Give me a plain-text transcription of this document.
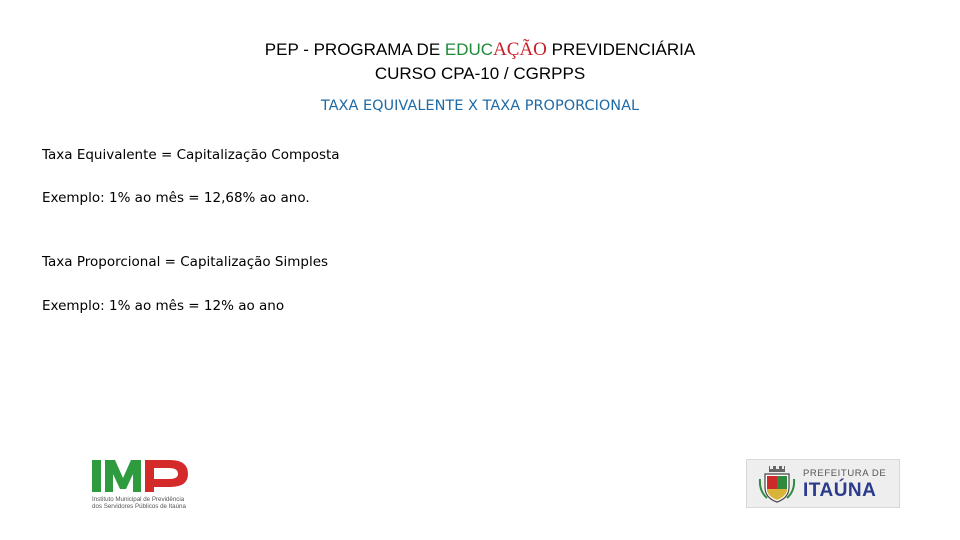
PEP - PROGRAMA DE EDUCAÇÃO PREVIDENCIÁRIA
CURSO CPA-10 / CGRPPS
TAXA EQUIVALENTE X TAXA PROPORCIONAL
Taxa Equivalente = Capitalização Composta
Exemplo: 1% ao mês = 12,68% ao ano.
Taxa Proporcional = Capitalização Simples
Exemplo: 1% ao mês = 12% ao ano
Instituto Municipal de Previdência
dos Servidores Públicos de Itaúna
PREFEITURA DE
ITAÚNA
